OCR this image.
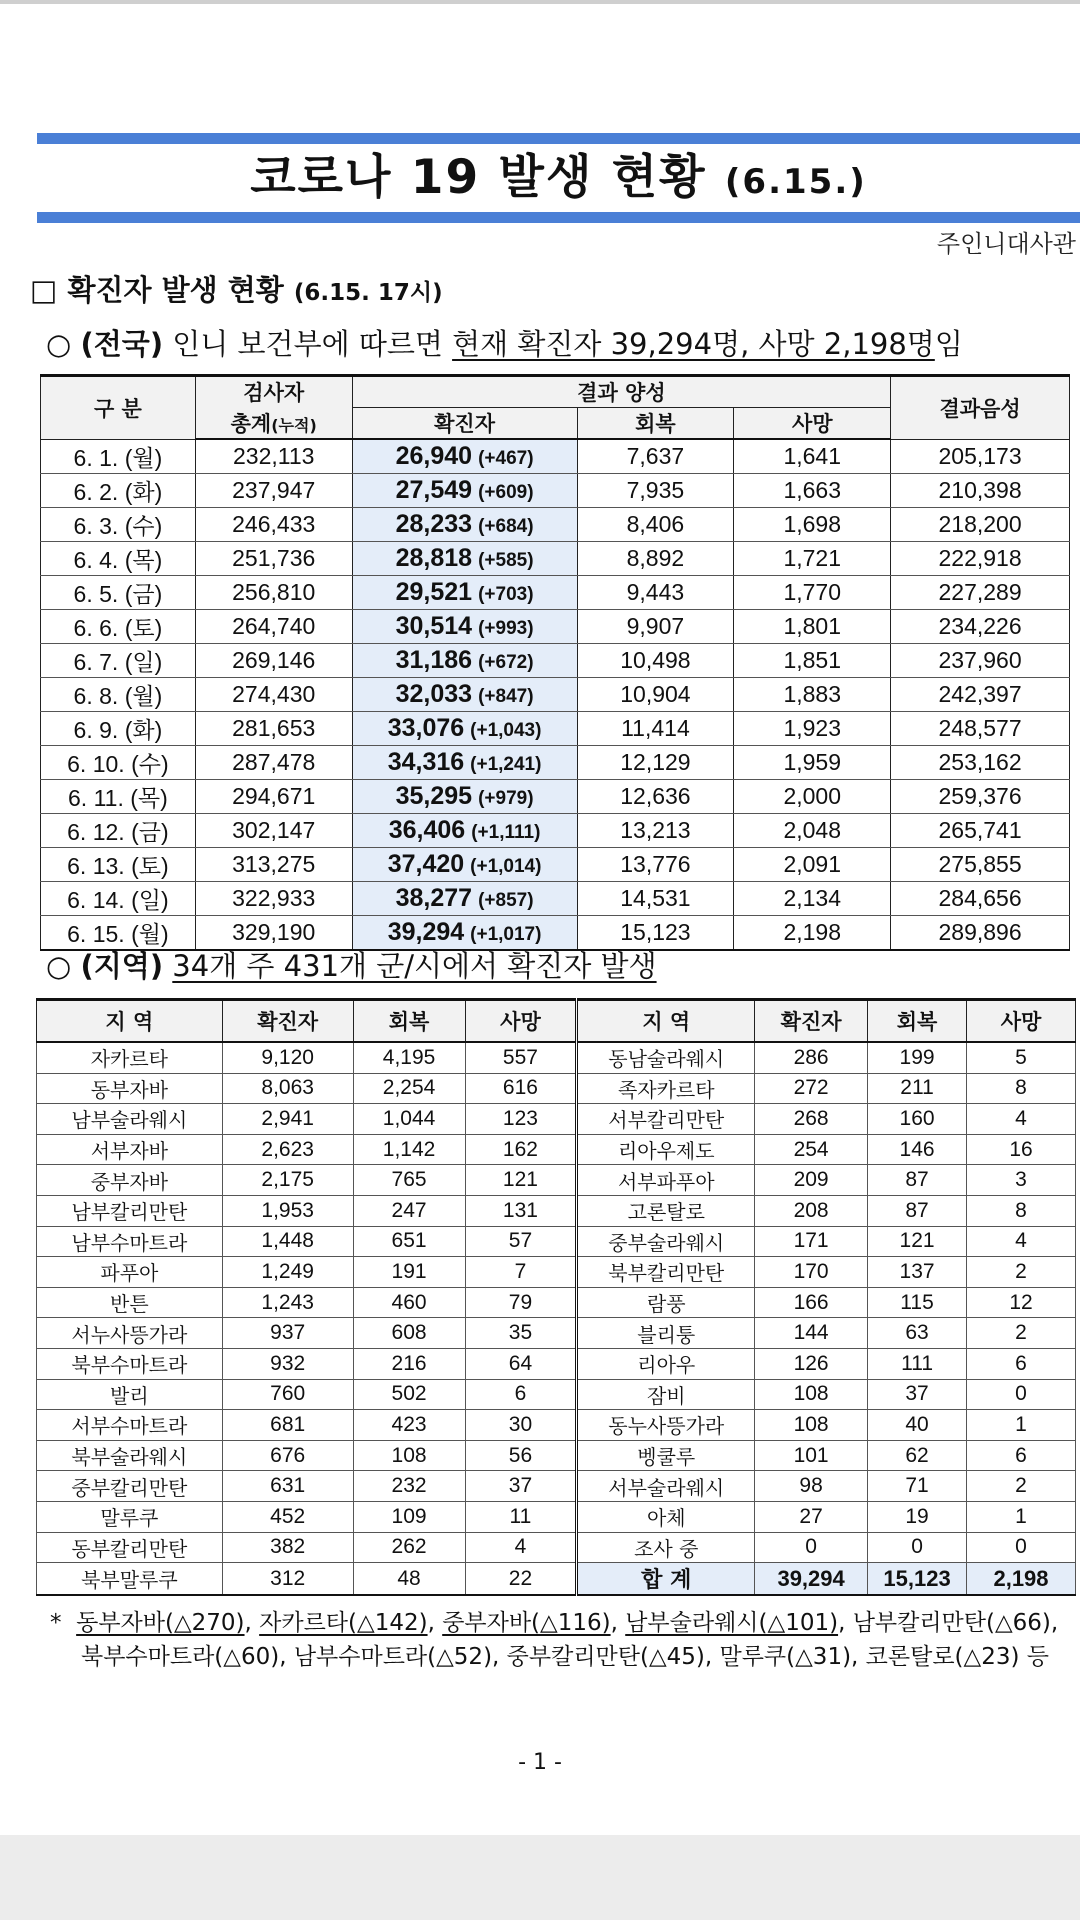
코로나 19 발생 현황 (6.15.)
주인니대사관
□ 확진자 발생 현황 (6.15. 17시)
○ (전국) 인니 보건부에 따르면 현재 확진자 39,294명, 사망 2,198명임
구 분	검사자	결과 양성			결과음성
	총계(누적)	확진자	회복	사망	
6. 1. (월)	232,113	26,940 (+467)	7,637	1,641	205,173
6. 2. (화)	237,947	27,549 (+609)	7,935	1,663	210,398
6. 3. (수)	246,433	28,233 (+684)	8,406	1,698	218,200
6. 4. (목)	251,736	28,818 (+585)	8,892	1,721	222,918
6. 5. (금)	256,810	29,521 (+703)	9,443	1,770	227,289
6. 6. (토)	264,740	30,514 (+993)	9,907	1,801	234,226
6. 7. (일)	269,146	31,186 (+672)	10,498	1,851	237,960
6. 8. (월)	274,430	32,033 (+847)	10,904	1,883	242,397
6. 9. (화)	281,653	33,076 (+1,043)	11,414	1,923	248,577
6. 10. (수)	287,478	34,316 (+1,241)	12,129	1,959	253,162
6. 11. (목)	294,671	35,295 (+979)	12,636	2,000	259,376
6. 12. (금)	302,147	36,406 (+1,111)	13,213	2,048	265,741
6. 13. (토)	313,275	37,420 (+1,014)	13,776	2,091	275,855
6. 14. (일)	322,933	38,277 (+857)	14,531	2,134	284,656
6. 15. (월)	329,190	39,294 (+1,017)	15,123	2,198	289,896
○ (지역) 34개 주 431개 군/시에서 확진자 발생
지 역	확진자	회복	사망	지 역	확진자	회복	사망
자카르타	9,120	4,195	557	동남술라웨시	286	199	5
동부자바	8,063	2,254	616	족자카르타	272	211	8
남부술라웨시	2,941	1,044	123	서부칼리만탄	268	160	4
서부자바	2,623	1,142	162	리아우제도	254	146	16
중부자바	2,175	765	121	서부파푸아	209	87	3
남부칼리만탄	1,953	247	131	고론탈로	208	87	8
남부수마트라	1,448	651	57	중부술라웨시	171	121	4
파푸아	1,249	191	7	북부칼리만탄	170	137	2
반튼	1,243	460	79	람풍	166	115	12
서누사뜽가라	937	608	35	블리퉁	144	63	2
북부수마트라	932	216	64	리아우	126	111	6
발리	760	502	6	잠비	108	37	0
서부수마트라	681	423	30	동누사뜽가라	108	40	1
북부술라웨시	676	108	56	벵쿨루	101	62	6
중부칼리만탄	631	232	37	서부술라웨시	98	71	2
말루쿠	452	109	11	아체	27	19	1
동부칼리만탄	382	262	4	조사 중	0	0	0
북부말루쿠	312	48	22	합 계	39,294	15,123	2,198
* 동부자바(△270), 자카르타(△142), 중부자바(△116), 남부술라웨시(△101), 남부칼리만탄(△66),
북부수마트라(△60), 남부수마트라(△52), 중부칼리만탄(△45), 말루쿠(△31), 코론탈로(△23) 등
- 1 -
